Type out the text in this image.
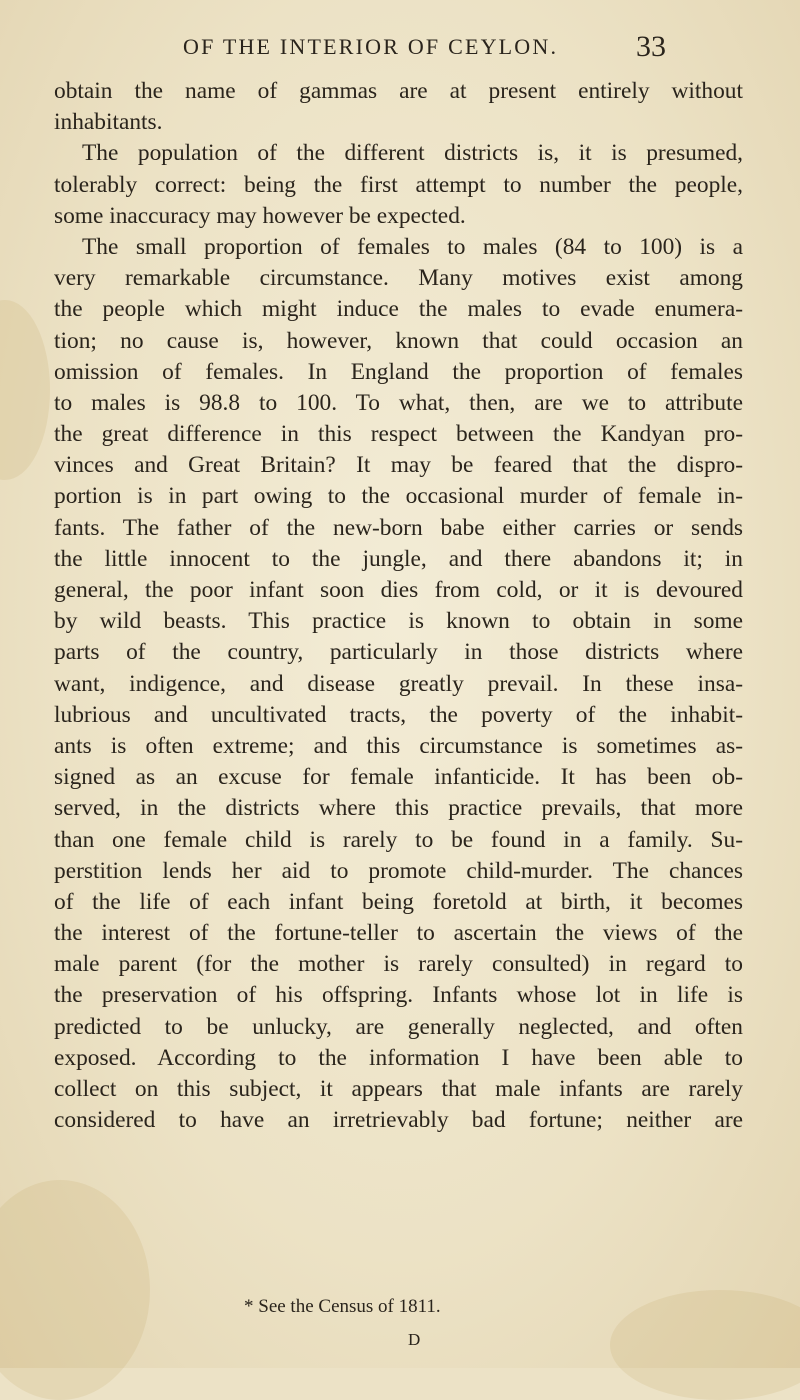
OF THE INTERIOR OF CEYLON.	33
obtain the name of gammas are at present entirely without
inhabitants.
The population of the different districts is, it is presumed,
tolerably correct: being the first attempt to number the people,
some inaccuracy may however be expected.
The small proportion of females to males (84 to 100) is a
very remarkable circumstance. Many motives exist among
the people which might induce the males to evade enumera-
tion; no cause is, however, known that could occasion an
omission of females. In England the proportion of females
to males is 98.8 to 100. To what, then, are we to attribute
the great difference in this respect between the Kandyan pro-
vinces and Great Britain? It may be feared that the dispro-
portion is in part owing to the occasional murder of female in-
fants. The father of the new-born babe either carries or sends
the little innocent to the jungle, and there abandons it; in
general, the poor infant soon dies from cold, or it is devoured
by wild beasts. This practice is known to obtain in some
parts of the country, particularly in those districts where
want, indigence, and disease greatly prevail. In these insa-
lubrious and uncultivated tracts, the poverty of the inhabit-
ants is often extreme; and this circumstance is sometimes as-
signed as an excuse for female infanticide. It has been ob-
served, in the districts where this practice prevails, that more
than one female child is rarely to be found in a family. Su-
perstition lends her aid to promote child-murder. The chances
of the life of each infant being foretold at birth, it becomes
the interest of the fortune-teller to ascertain the views of the
male parent (for the mother is rarely consulted) in regard to
the preservation of his offspring. Infants whose lot in life is
predicted to be unlucky, are generally neglected, and often
exposed. According to the information I have been able to
collect on this subject, it appears that male infants are rarely
considered to have an irretrievably bad fortune; neither are
* See the Census of 1811.
D
